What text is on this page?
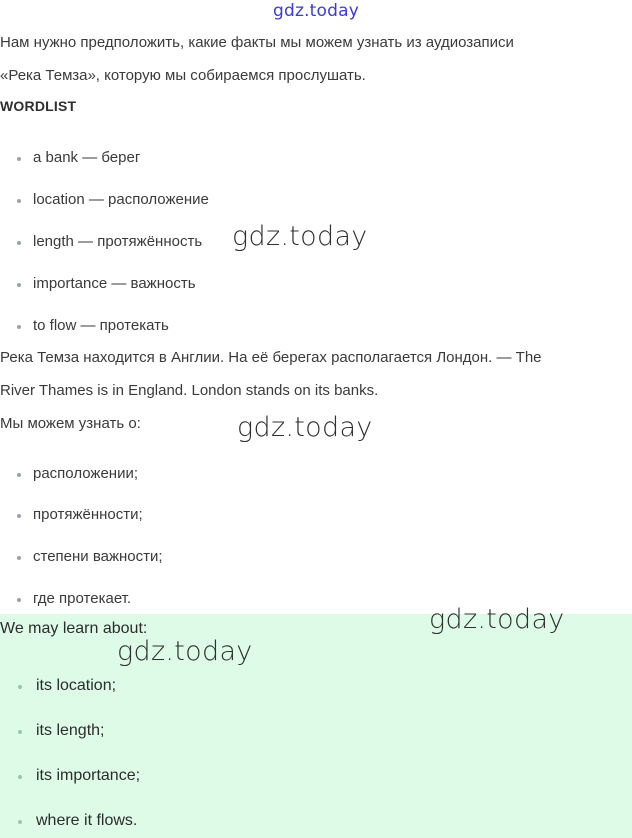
gdz.today

Нам нужно предположить, какие факты мы можем узнать из аудиозаписи

«Река Темза», которую мы собираемся прослушать.

WORDLIST
a bank — берег
location — расположение
length — протяжённость
importance — важность
to flow — протекать

Река Темза находится в Англии. На её берегах располагается Лондон. — The

River Thames is in England. London stands on its banks.

Мы можем узнать о:

расположении;
протяжённости;
степени важности;
где протекает.

We may learn about:

its location;
its length;
its importance;
where it flows.
gdz.today
gdz.today
gdz.today
gdz.today
